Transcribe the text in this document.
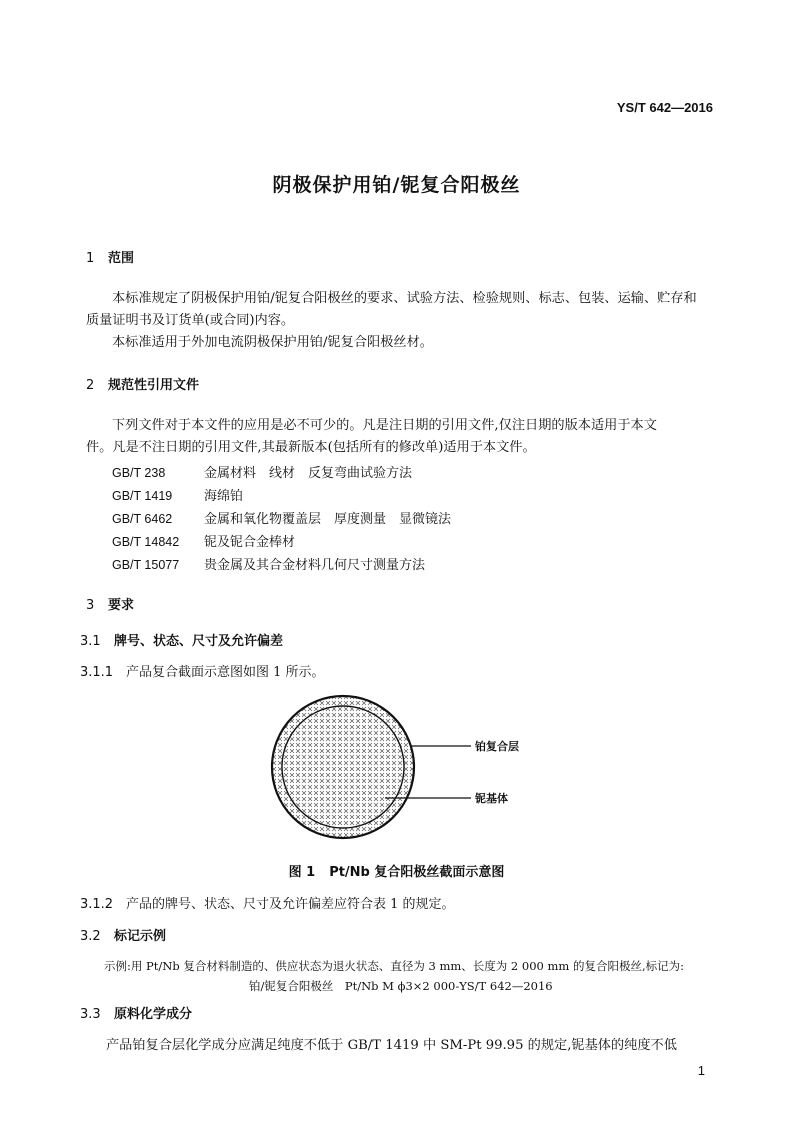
YS/T 642—2016
阴极保护用铂/铌复合阳极丝
1 范围
本标准规定了阴极保护用铂/铌复合阳极丝的要求、试验方法、检验规则、标志、包装、运输、贮存和
质量证明书及订货单(或合同)内容。
本标准适用于外加电流阴极保护用铂/铌复合阳极丝材。
2 规范性引用文件
下列文件对于本文件的应用是必不可少的。凡是注日期的引用文件,仅注日期的版本适用于本文
件。凡是不注日期的引用文件,其最新版本(包括所有的修改单)适用于本文件。
GB/T 238	金属材料　线材　反复弯曲试验方法
GB/T 1419 海绵铂
GB/T 6462 金属和氧化物覆盖层　厚度测量　显微镜法
GB/T 14842 铌及铌合金棒材
GB/T 15077 贵金属及其合金材料几何尺寸测量方法
3 要求
3.1 牌号、状态、尺寸及允许偏差
3.1.1 产品复合截面示意图如图 1 所示。
铂复合层
铌基体
图 1 Pt/Nb 复合阳极丝截面示意图
3.1.2 产品的牌号、状态、尺寸及允许偏差应符合表 1 的规定。
3.2 标记示例
示例:用 Pt/Nb 复合材料制造的、供应状态为退火状态、直径为 3 mm、长度为 2 000 mm 的复合阳极丝,标记为:
铂/铌复合阳极丝　Pt/Nb M ϕ3×2 000-YS/T 642—2016
3.3 原料化学成分
产品铂复合层化学成分应满足纯度不低于 GB/T 1419 中 SM-Pt 99.95 的规定,铌基体的纯度不低
1
